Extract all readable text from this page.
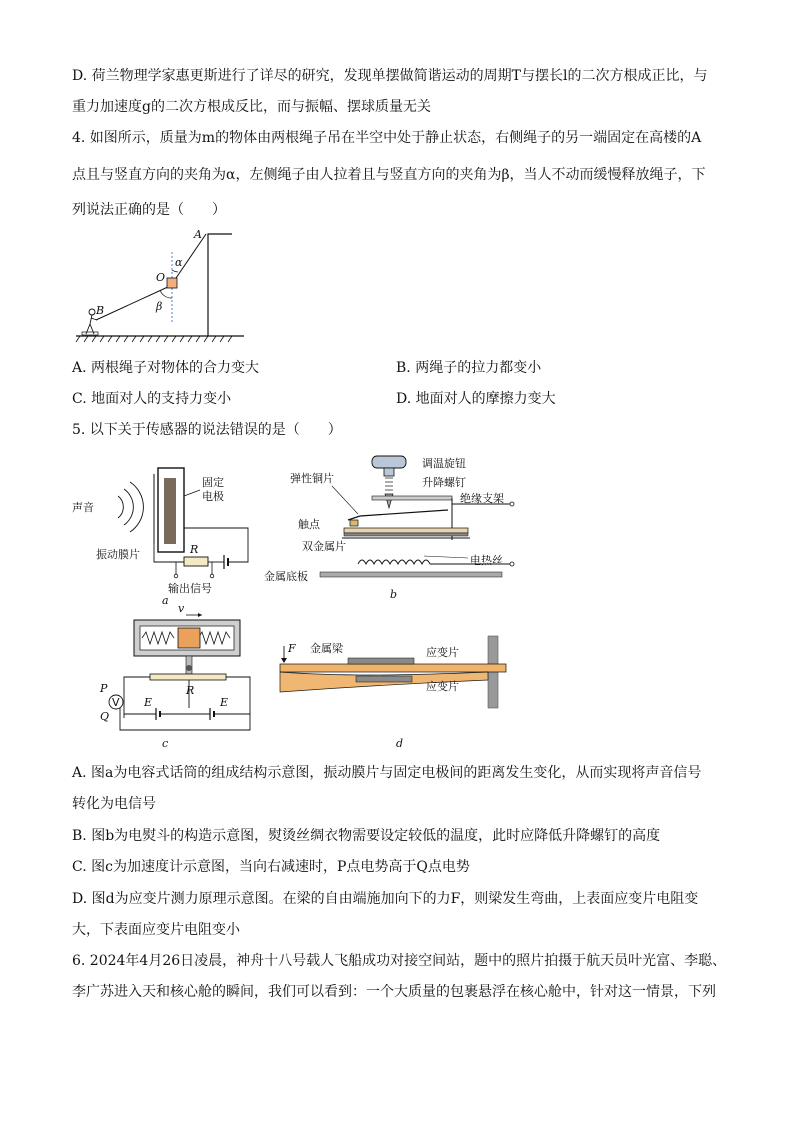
D. 荷兰物理学家惠更斯进行了详尽的研究，发现单摆做简谐运动的周期T与摆长l的二次方根成正比，与
重力加速度g的二次方根成反比，而与振幅、摆球质量无关
4. 如图所示，质量为m的物体由两根绳子吊在半空中处于静止状态，右侧绳子的另一端固定在高楼的A
点且与竖直方向的夹角为α，左侧绳子由人拉着且与竖直方向的夹角为β，当人不动而缓慢释放绳子，下
列说法正确的是（　　）
A
O
B
α
β
A. 两根绳子对物体的合力变大	B. 两绳子的拉力都变小
C. 地面对人的支持力变小	D. 地面对人的摩擦力变大
5. 以下关于传感器的说法错误的是（　　）
声音
固定
电极
R
振动膜片
输出信号
a
调温旋钮
升降螺钉
绝缘支架
弹性铜片
触点
双金属片
电热丝
金属底板
b
v
R
V
P
Q
E	E
c
F 金属梁	应变片
应变片
d
A. 图a为电容式话筒的组成结构示意图，振动膜片与固定电极间的距离发生变化，从而实现将声音信号
转化为电信号
B. 图b为电熨斗的构造示意图，熨烫丝绸衣物需要设定较低的温度，此时应降低升降螺钉的高度
C. 图c为加速度计示意图，当向右减速时，P点电势高于Q点电势
D. 图d为应变片测力原理示意图。在梁的自由端施加向下的力F，则梁发生弯曲，上表面应变片电阻变
大，下表面应变片电阻变小
6. 2024年4月26日凌晨，神舟十八号载人飞船成功对接空间站，题中的照片拍摄于航天员叶光富、李聪、
李广苏进入天和核心舱的瞬间，我们可以看到：一个大质量的包裹悬浮在核心舱中，针对这一情景，下列
